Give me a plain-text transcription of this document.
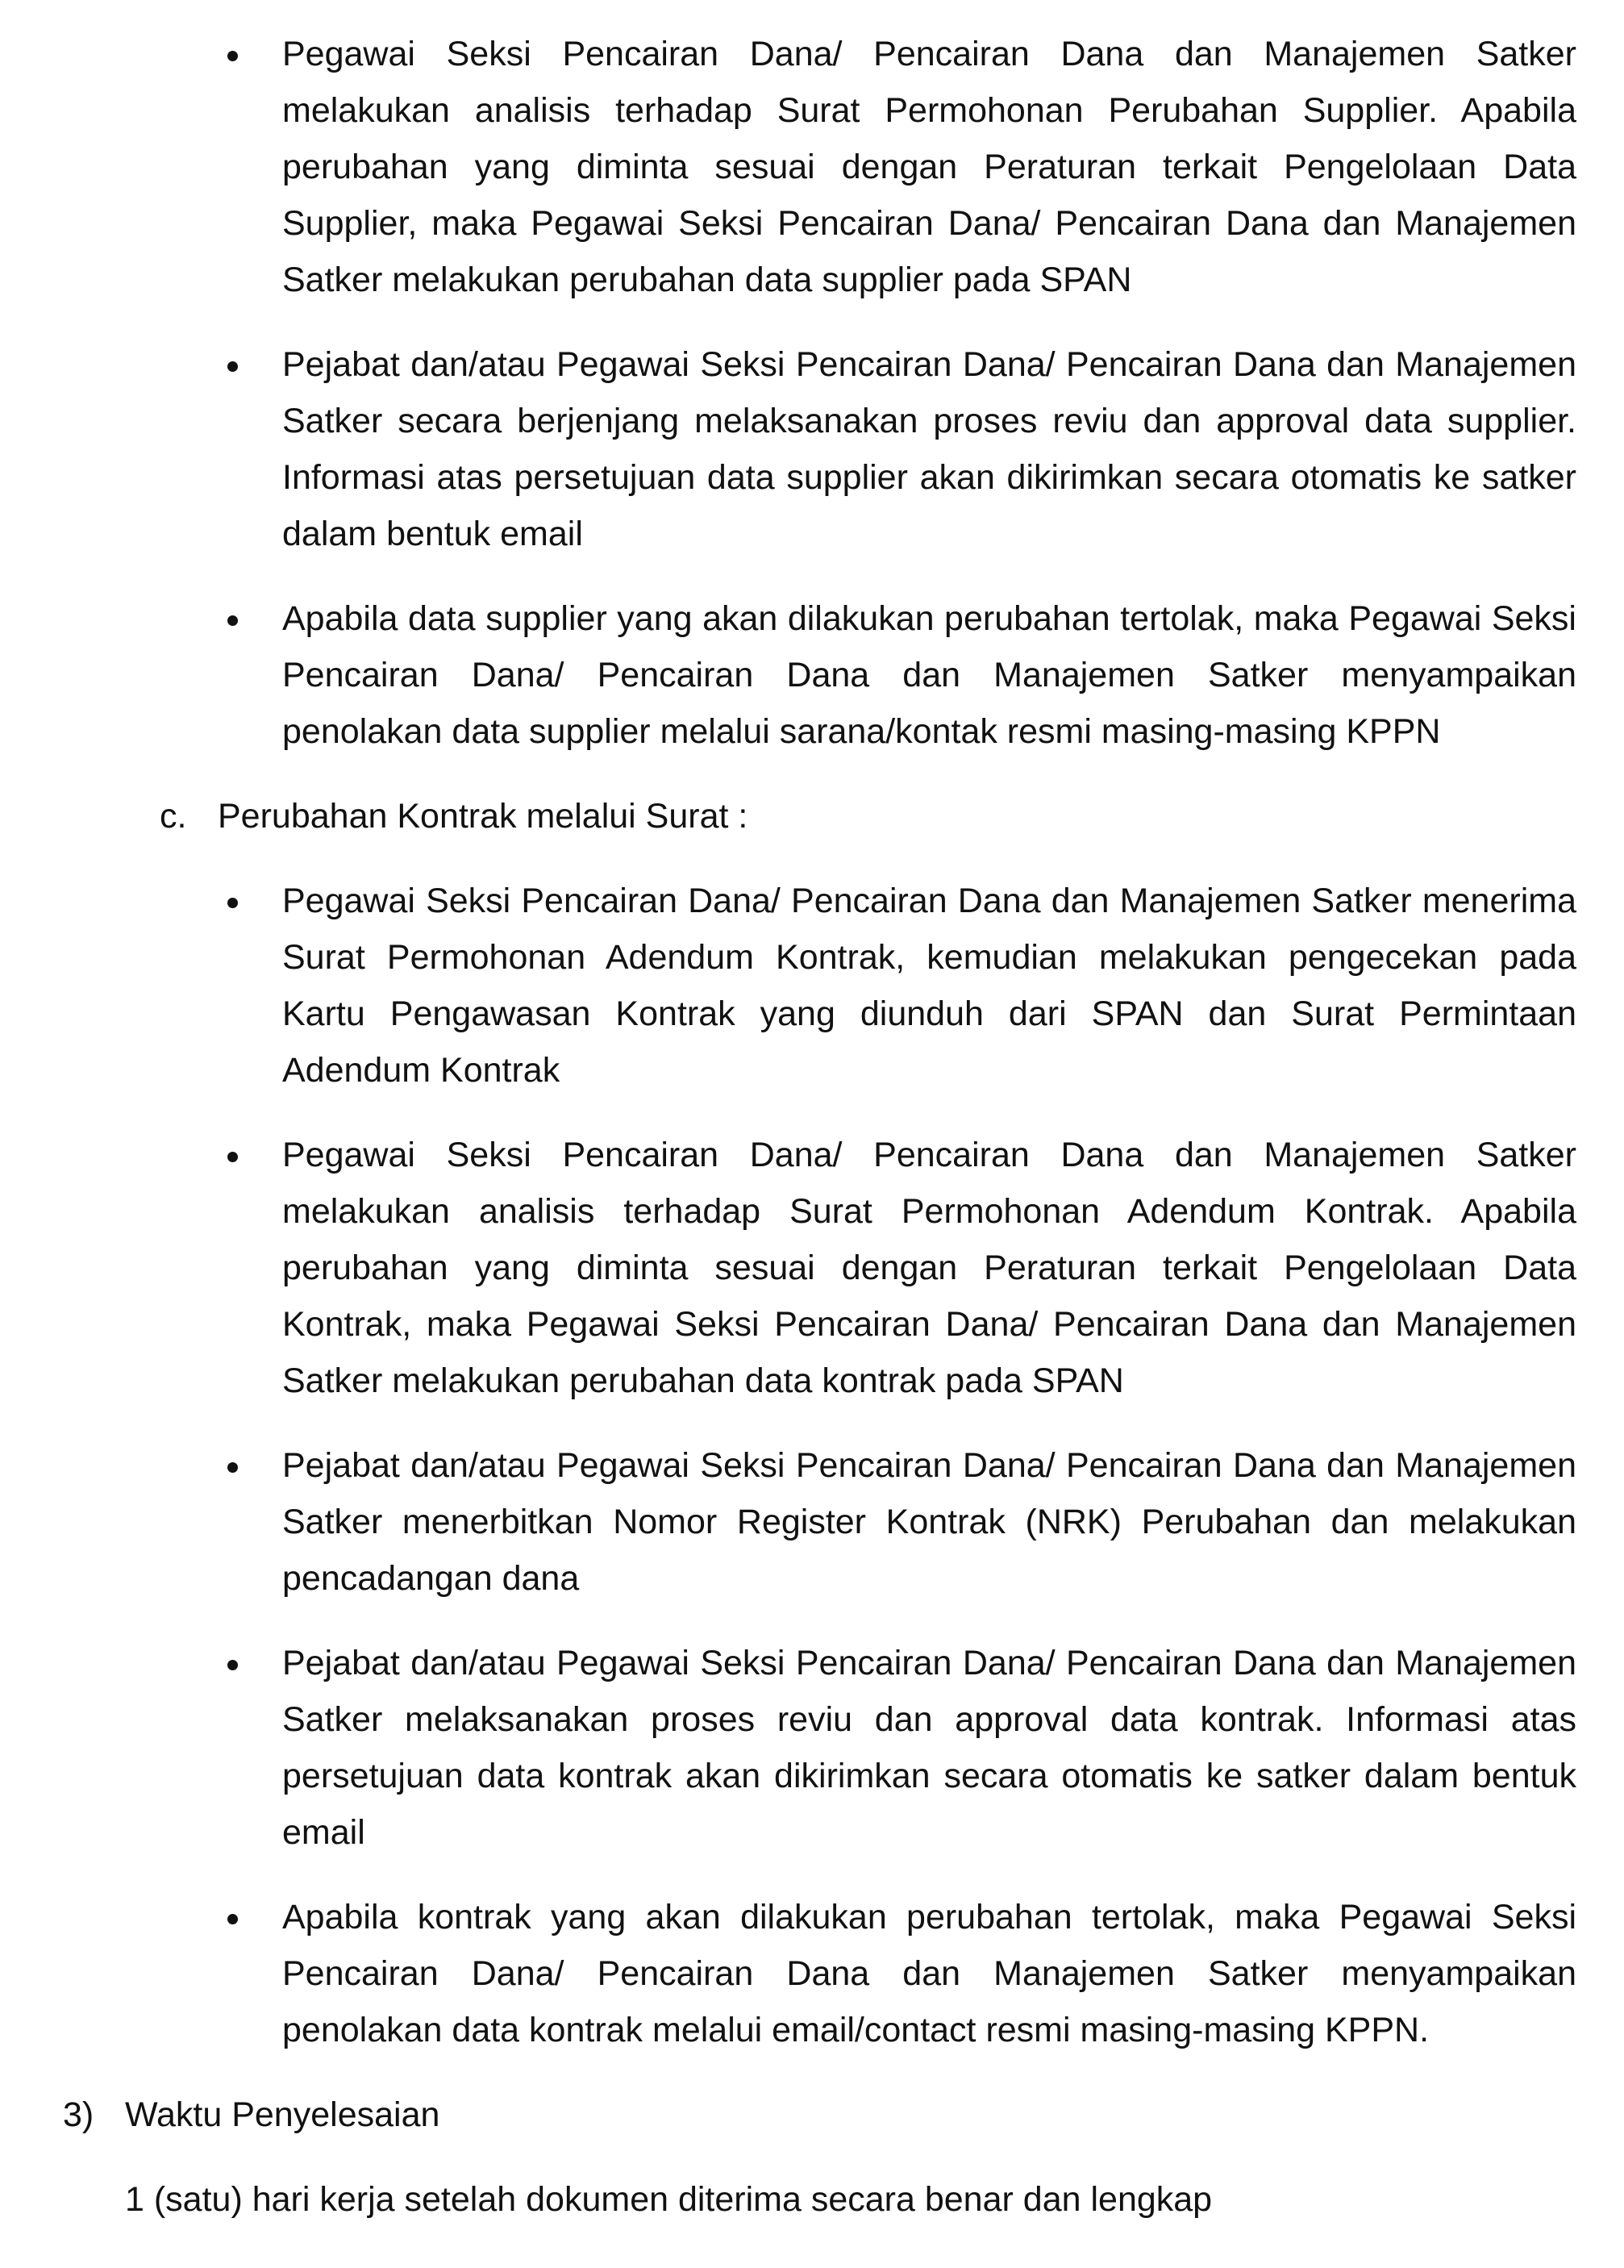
Pegawai Seksi Pencairan Dana/ Pencairan Dana dan Manajemen Satker melakukan analisis terhadap Surat Permohonan Perubahan Supplier. Apabila perubahan yang diminta sesuai dengan Peraturan terkait Pengelolaan Data Supplier, maka Pegawai Seksi Pencairan Dana/ Pencairan Dana dan Manajemen Satker melakukan perubahan data supplier pada SPAN
Pejabat dan/atau Pegawai Seksi Pencairan Dana/ Pencairan Dana dan Manajemen Satker secara berjenjang melaksanakan proses reviu dan approval data supplier. Informasi atas persetujuan data supplier akan dikirimkan secara otomatis ke satker dalam bentuk email
Apabila data supplier yang akan dilakukan perubahan tertolak, maka Pegawai Seksi Pencairan Dana/ Pencairan Dana dan Manajemen Satker menyampaikan penolakan data supplier melalui sarana/kontak resmi masing-masing KPPN
c. Perubahan Kontrak melalui Surat :
Pegawai Seksi Pencairan Dana/ Pencairan Dana dan Manajemen Satker menerima Surat Permohonan Adendum Kontrak, kemudian melakukan pengecekan pada Kartu Pengawasan Kontrak yang diunduh dari SPAN dan Surat Permintaan Adendum Kontrak
Pegawai Seksi Pencairan Dana/ Pencairan Dana dan Manajemen Satker melakukan analisis terhadap Surat Permohonan Adendum Kontrak. Apabila perubahan yang diminta sesuai dengan Peraturan terkait Pengelolaan Data Kontrak, maka Pegawai Seksi Pencairan Dana/ Pencairan Dana dan Manajemen Satker melakukan perubahan data kontrak pada SPAN
Pejabat dan/atau Pegawai Seksi Pencairan Dana/ Pencairan Dana dan Manajemen Satker menerbitkan Nomor Register Kontrak (NRK) Perubahan dan melakukan pencadangan dana
Pejabat dan/atau Pegawai Seksi Pencairan Dana/ Pencairan Dana dan Manajemen Satker melaksanakan proses reviu dan approval data kontrak. Informasi atas persetujuan data kontrak akan dikirimkan secara otomatis ke satker dalam bentuk email
Apabila kontrak yang akan dilakukan perubahan tertolak, maka Pegawai Seksi Pencairan Dana/ Pencairan Dana dan Manajemen Satker menyampaikan penolakan data kontrak melalui email/contact resmi masing-masing KPPN.
3) Waktu Penyelesaian
1 (satu) hari kerja setelah dokumen diterima secara benar dan lengkap
